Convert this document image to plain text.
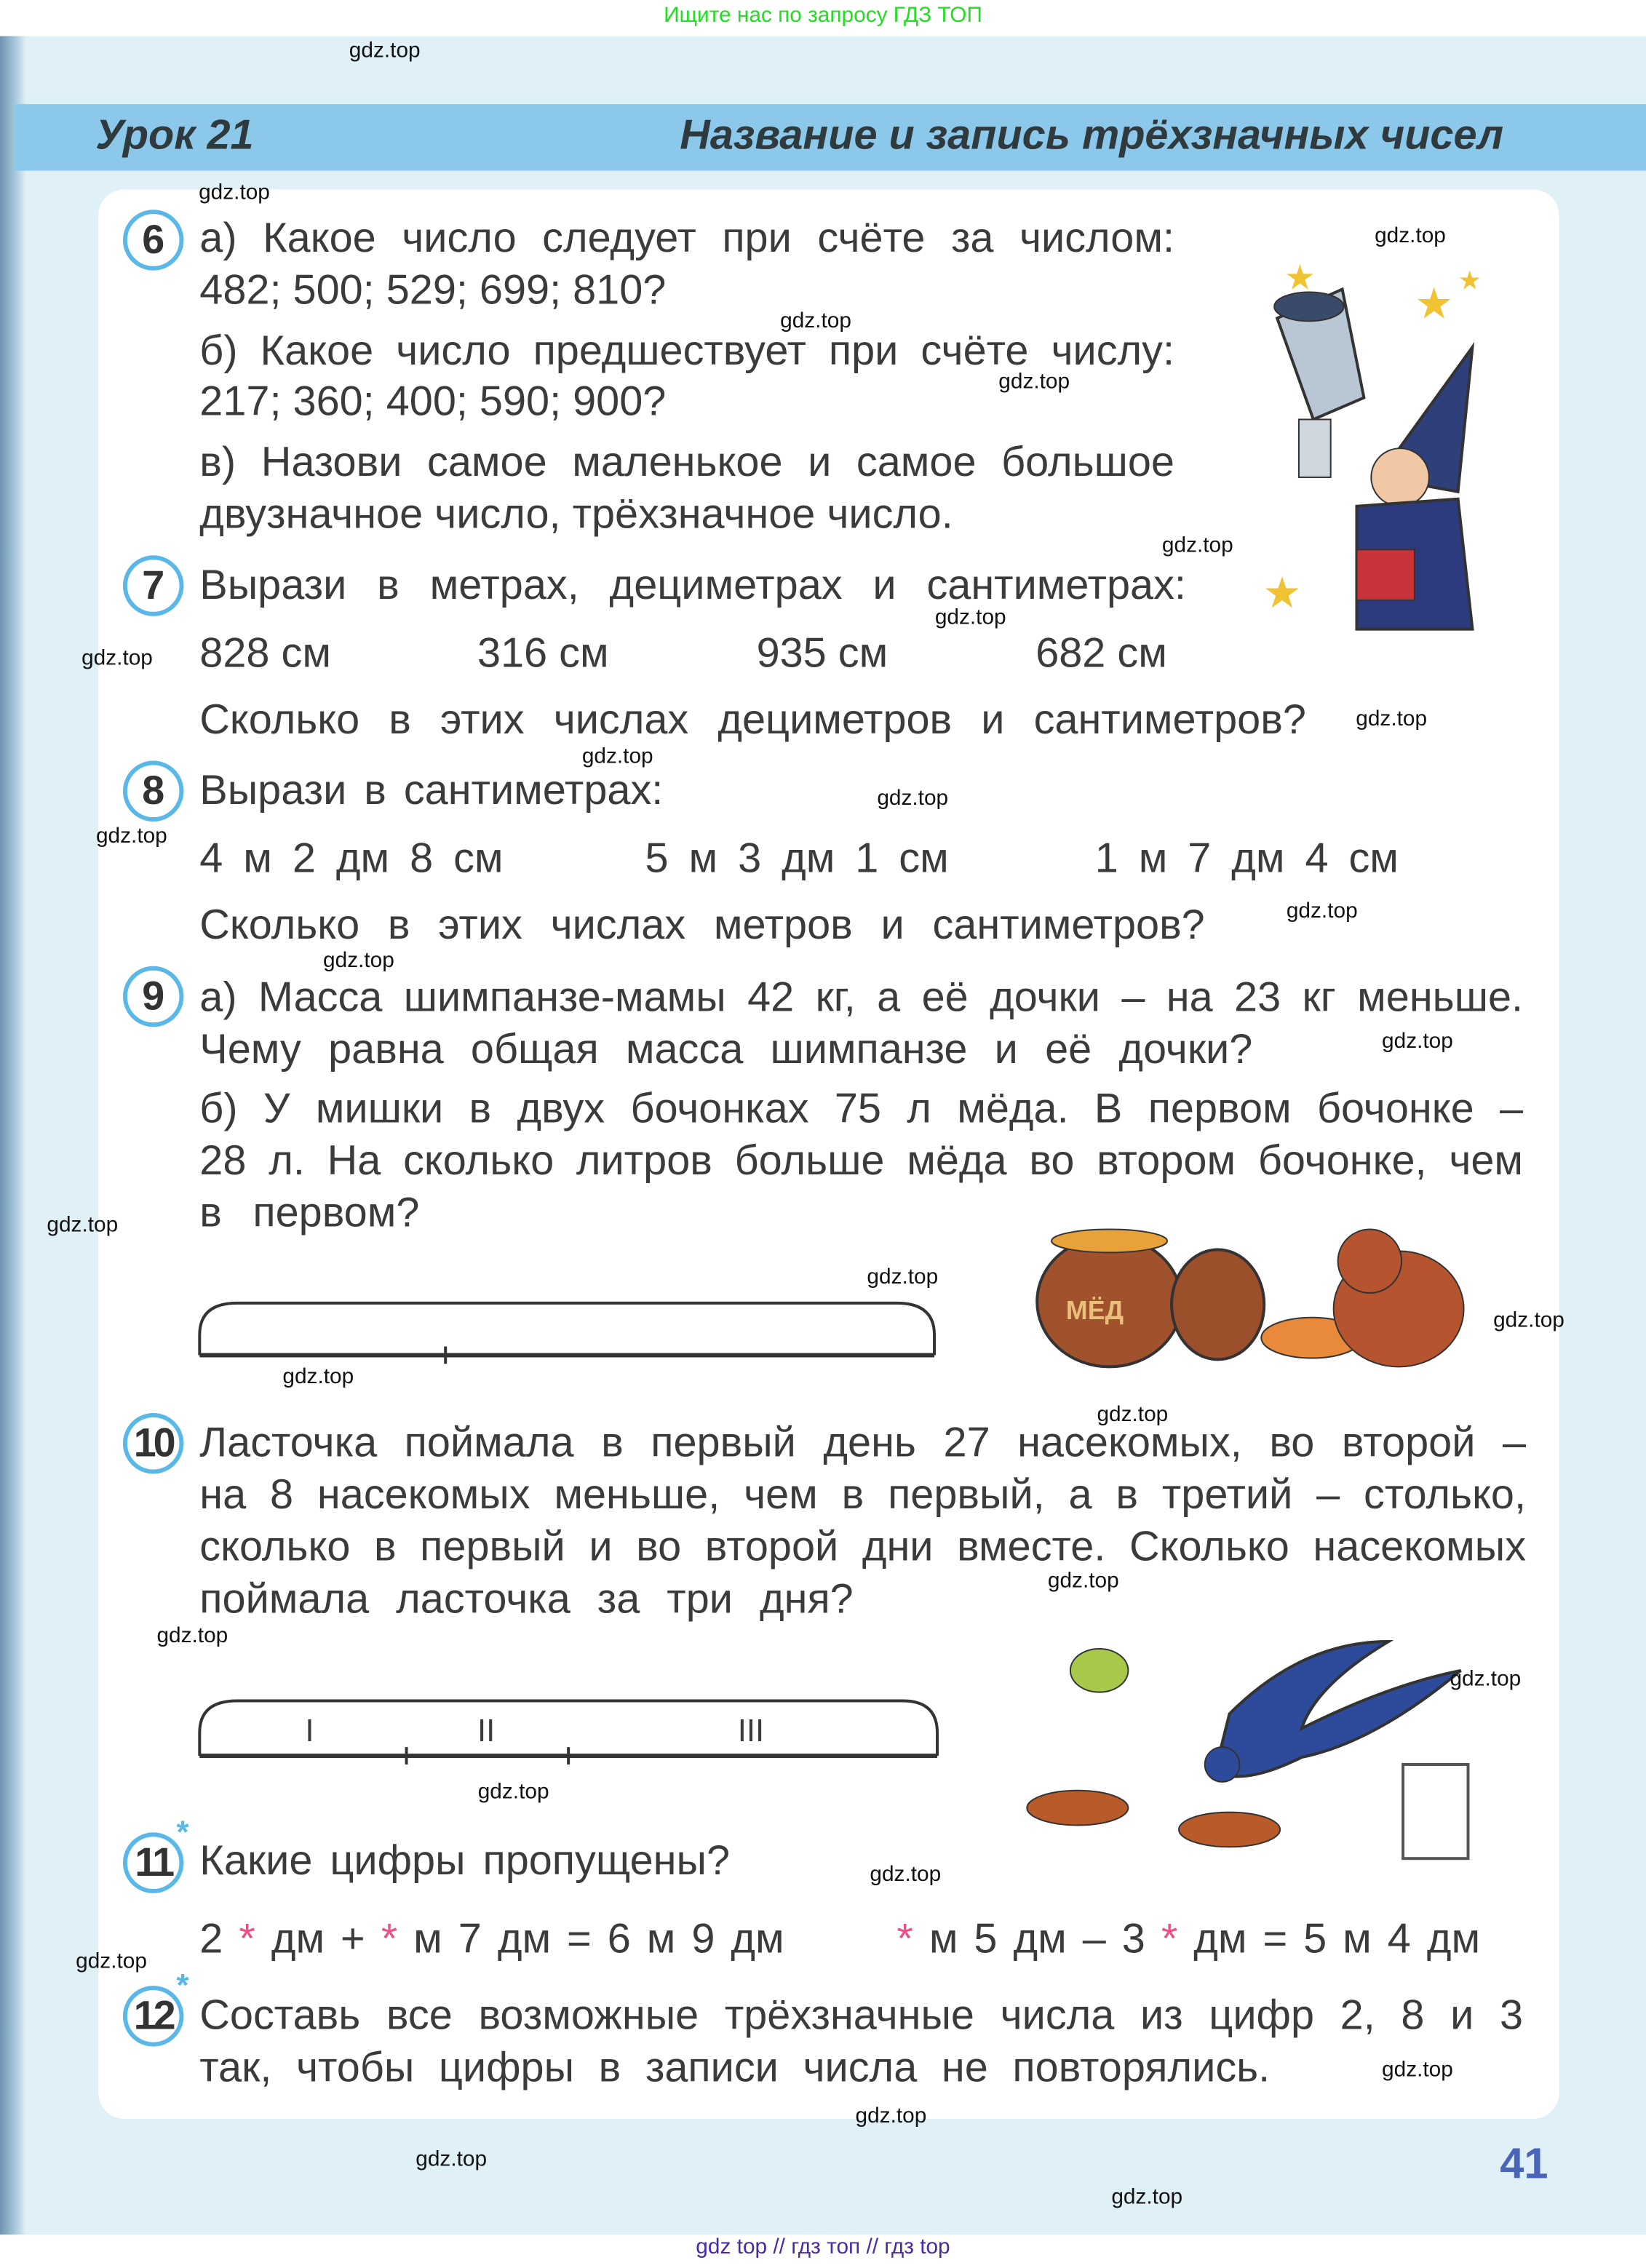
Ищите нас по запросу ГДЗ ТОП
Урок 21	Название и запись трёхзначных чисел
6	а) Какое число следует при счёте за числом:
482; 500; 529; 699; 810?
б) Какое число предшествует при счёте числу:
217; 360; 400; 590; 900?
в) Назови самое маленькое и самое большое
двузначное число, трёхзначное число.
★
★ ★
★
7	Вырази в метрах, дециметрах и сантиметрах:
828 см	316 см	935 см	682 см
Сколько в этих числах дециметров и сантиметров?
8	Вырази в сантиметрах:
4 м 2 дм 8 см	5 м 3 дм 1 см	1 м 7 дм 4 см
Сколько в этих числах метров и сантиметров?
9	а) Масса шимпанзе-мамы 42 кг, а её дочки – на 23 кг меньше.
Чему равна общая масса шимпанзе и её дочки?
б) У мишки в двух бочонках 75 л мёда. В первом бочонке –
28 л. На сколько литров больше мёда во втором бочонке, чем
в первом?
МЁД
10	Ласточка поймала в первый день 27 насекомых, во второй –
на 8 насекомых меньше, чем в первый, а в третий – столько,
сколько в первый и во второй дни вместе. Сколько насекомых
поймала ласточка за три дня?
I	II	III
11
*
Какие цифры пропущены?
2 * дм + * м 7 дм = 6 м 9 дм	* м 5 дм – 3 * дм = 5 м 4 дм
12
*
Составь все возможные трёхзначные числа из цифр 2, 8 и 3
так, чтобы цифры в записи числа не повторялись.
41
gdz top // гдз топ // гдз top
gdz.top
gdz.top
gdz.top
gdz.top
gdz.top
gdz.top
gdz.top
gdz.top
gdz.top
gdz.top
gdz.top
gdz.top
gdz.top
gdz.top
gdz.top
gdz.top
gdz.top
gdz.top
gdz.top
gdz.top
gdz.top
gdz.top
gdz.top
gdz.top
gdz.top
gdz.top
gdz.top
gdz.top
gdz.top
gdz.top
